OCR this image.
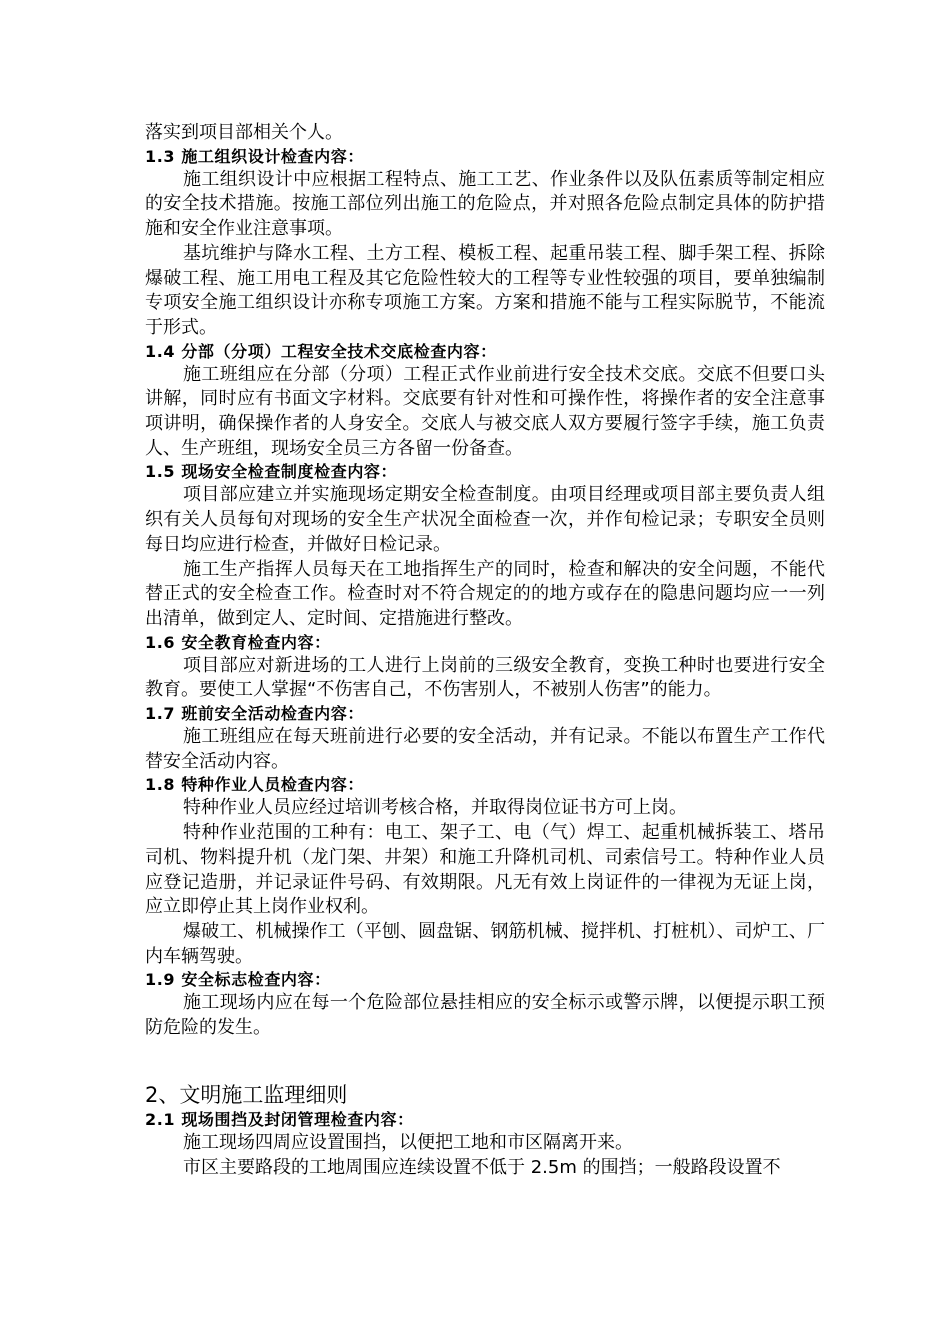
落实到项目部相关个人。

1.3 施工组织设计检查内容：

施工组织设计中应根据工程特点、施工工艺、作业条件以及队伍素质等制定相应的安全技术措施。按施工部位列出施工的危险点，并对照各危险点制定具体的防护措施和安全作业注意事项。

基坑维护与降水工程、土方工程、模板工程、起重吊装工程、脚手架工程、拆除爆破工程、施工用电工程及其它危险性较大的工程等专业性较强的项目，要单独编制专项安全施工组织设计亦称专项施工方案。方案和措施不能与工程实际脱节，不能流于形式。

1.4 分部（分项）工程安全技术交底检查内容：

施工班组应在分部（分项）工程正式作业前进行安全技术交底。交底不但要口头讲解，同时应有书面文字材料。交底要有针对性和可操作性，将操作者的安全注意事项讲明，确保操作者的人身安全。交底人与被交底人双方要履行签字手续，施工负责人、生产班组，现场安全员三方各留一份备查。

1.5 现场安全检查制度检查内容：

项目部应建立并实施现场定期安全检查制度。由项目经理或项目部主要负责人组织有关人员每旬对现场的安全生产状况全面检查一次，并作旬检记录；专职安全员则每日均应进行检查，并做好日检记录。

施工生产指挥人员每天在工地指挥生产的同时，检查和解决的安全问题，不能代替正式的安全检查工作。检查时对不符合规定的的地方或存在的隐患问题均应一一列出清单，做到定人、定时间、定措施进行整改。

1.6 安全教育检查内容：

项目部应对新进场的工人进行上岗前的三级安全教育，变换工种时也要进行安全教育。要使工人掌握“不伤害自己，不伤害别人，不被别人伤害”的能力。

1.7 班前安全活动检查内容：

施工班组应在每天班前进行必要的安全活动，并有记录。不能以布置生产工作代替安全活动内容。

1.8 特种作业人员检查内容：

特种作业人员应经过培训考核合格，并取得岗位证书方可上岗。

特种作业范围的工种有：电工、架子工、电（气）焊工、起重机械拆装工、塔吊司机、物料提升机（龙门架、井架）和施工升降机司机、司索信号工。特种作业人员应登记造册，并记录证件号码、有效期限。凡无有效上岗证件的一律视为无证上岗，应立即停止其上岗作业权利。

爆破工、机械操作工（平刨、圆盘锯、钢筋机械、搅拌机、打桩机）、司炉工、厂内车辆驾驶。

1.9 安全标志检查内容：

施工现场内应在每一个危险部位悬挂相应的安全标示或警示牌，以便提示职工预防危险的发生。

2、文明施工监理细则
2.1 现场围挡及封闭管理检查内容：

施工现场四周应设置围挡，以便把工地和市区隔离开来。

市区主要路段的工地周围应连续设置不低于 2.5m 的围挡；一般路段设置不
